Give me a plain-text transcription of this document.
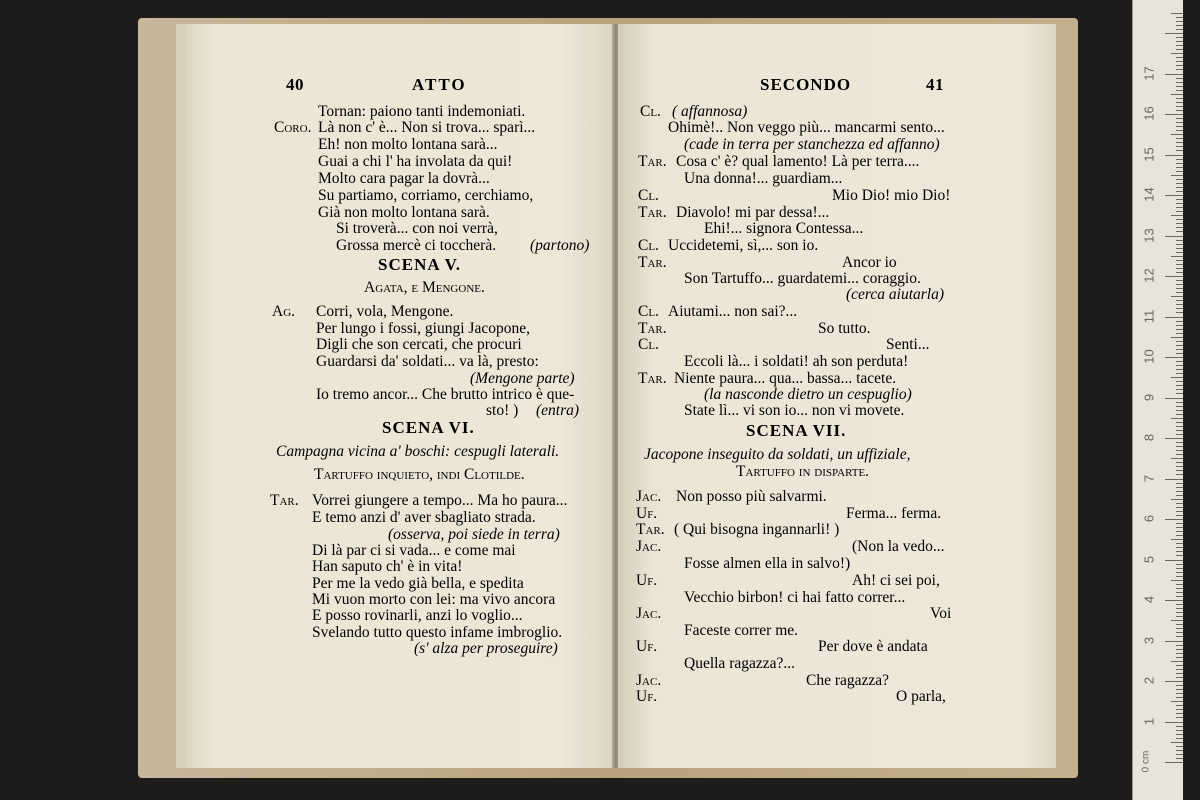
40	ATTO
Tornan: paiono tanti indemoniati.
Coro. Là non c' è... Non si trova... sparì...
Eh! non molto lontana sarà...
Guai a chi l' ha involata da qui!
Molto cara pagar la dovrà...
Su partiamo, corriamo, cerchiamo,
Già non molto lontana sarà.
Si troverà... con noi verrà,
Grossa mercè ci toccherà. (partono)
SCENA V.
Agata, e Mengone.
Ag. Corri, vola, Mengone.
Per lungo i fossi, giungi Jacopone,
Digli che son cercati, che procuri
Guardarsi da' soldati... va là, presto:
(Mengone parte)
Io tremo ancor... Che brutto intrico è que-
sto! ) (entra)
SCENA VI.
Campagna vicina a' boschi: cespugli laterali.
Tartuffo inquieto, indi Clotilde.
Tar. Vorrei giungere a tempo... Ma ho paura...
E temo anzi d' aver sbagliato strada.
(osserva, poi siede in terra)
Di là par ci si vada... e come mai
Han saputo ch' è in vita!
Per me la vedo già bella, e spedita
Mi vuon morto con lei: ma vivo ancora
E posso rovinarli, anzi lo voglio...
Svelando tutto questo infame imbroglio.
(s' alza per proseguire)
SECONDO	41
Cl. ( affannosa)
Ohimè!.. Non veggo più... mancarmi sento...
(cade in terra per stanchezza ed affanno)
Tar. Cosa c' è? qual lamento! Là per terra....
Una donna!... guardiam...
Cl.	Mio Dio! mio Dio!
Tar. Diavolo! mi par dessa!...
Ehi!... signora Contessa...
Cl. Uccidetemi, sì,... son io.
Tar.	Ancor io
Son Tartuffo... guardatemi... coraggio.
(cerca aiutarla)
Cl. Aiutami... non sai?...
Tar.	So tutto.
Cl.	Senti...
Eccoli là... i soldati! ah son perduta!
Tar. Niente paura... qua... bassa... tacete.
(la nasconde dietro un cespuglio)
State lì... vi son io... non vi movete.
SCENA VII.
Jacopone inseguito da soldati, un uffiziale,
Tartuffo in disparte.
Jac. Non posso più salvarmi.
Uf.	Ferma... ferma.
Tar. ( Qui bisogna ingannarli! )
Jac.	(Non la vedo...
Fosse almen ella in salvo!)
Uf.	Ah! ci sei poi,
Vecchio birbon! ci hai fatto correr...
Jac.	Voi
Faceste correr me.
Uf.	Per dove è andata
Quella ragazza?...
Jac.	Che ragazza?
Uf.	O parla,
0 cm
1
2
3
4
5
6
7
8
9
10
11
12
13
14
15
16
17
